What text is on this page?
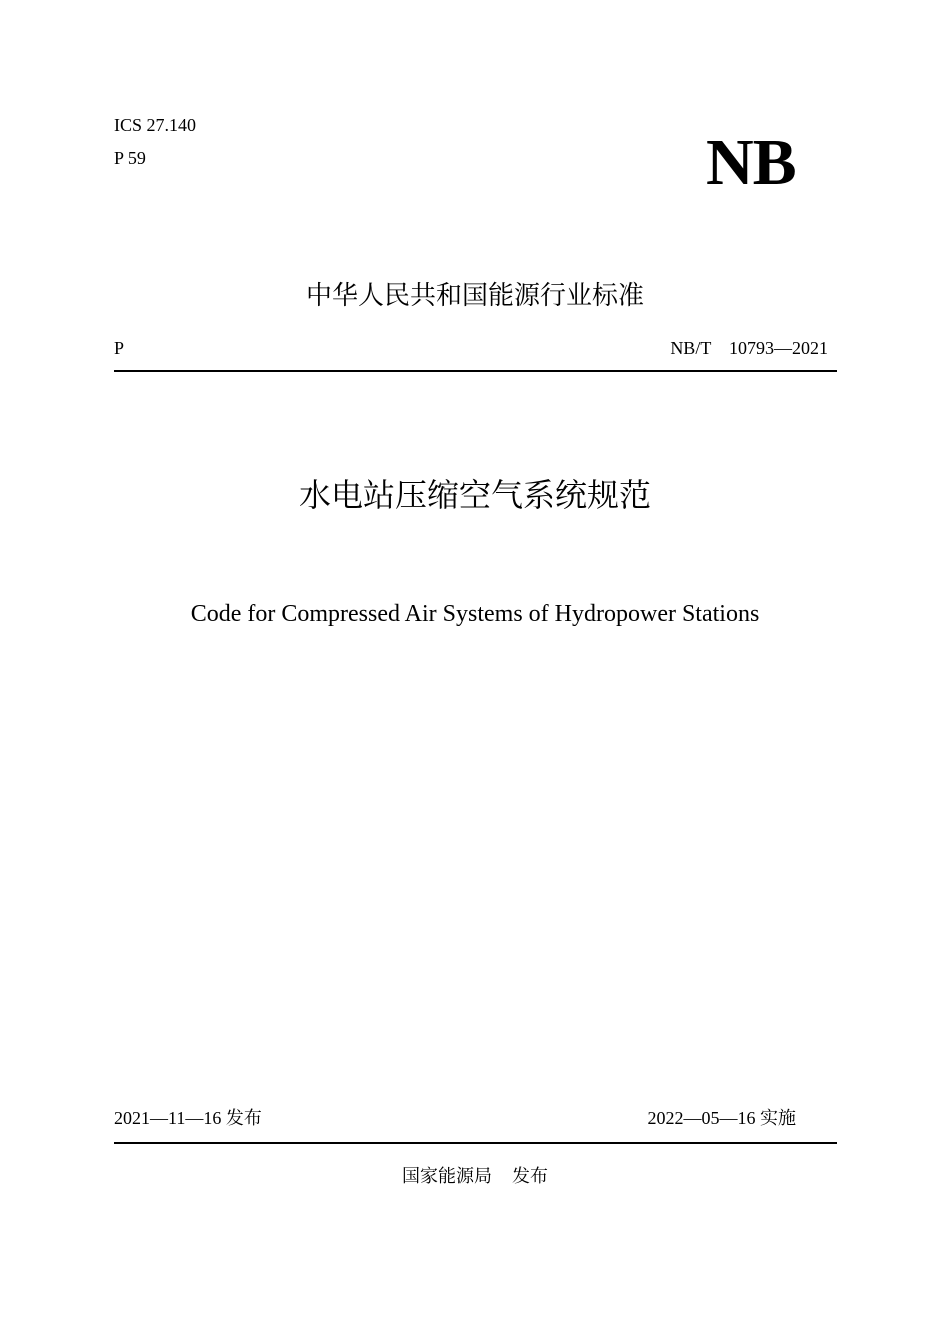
ICS 27.140
P 59	NB
中华人民共和国能源行业标准
P	NB/T　10793—2021
水电站压缩空气系统规范
Code for Compressed Air Systems of Hydropower Stations
2021—11—16 发布	2022—05—16 实施
国家能源局 发布
